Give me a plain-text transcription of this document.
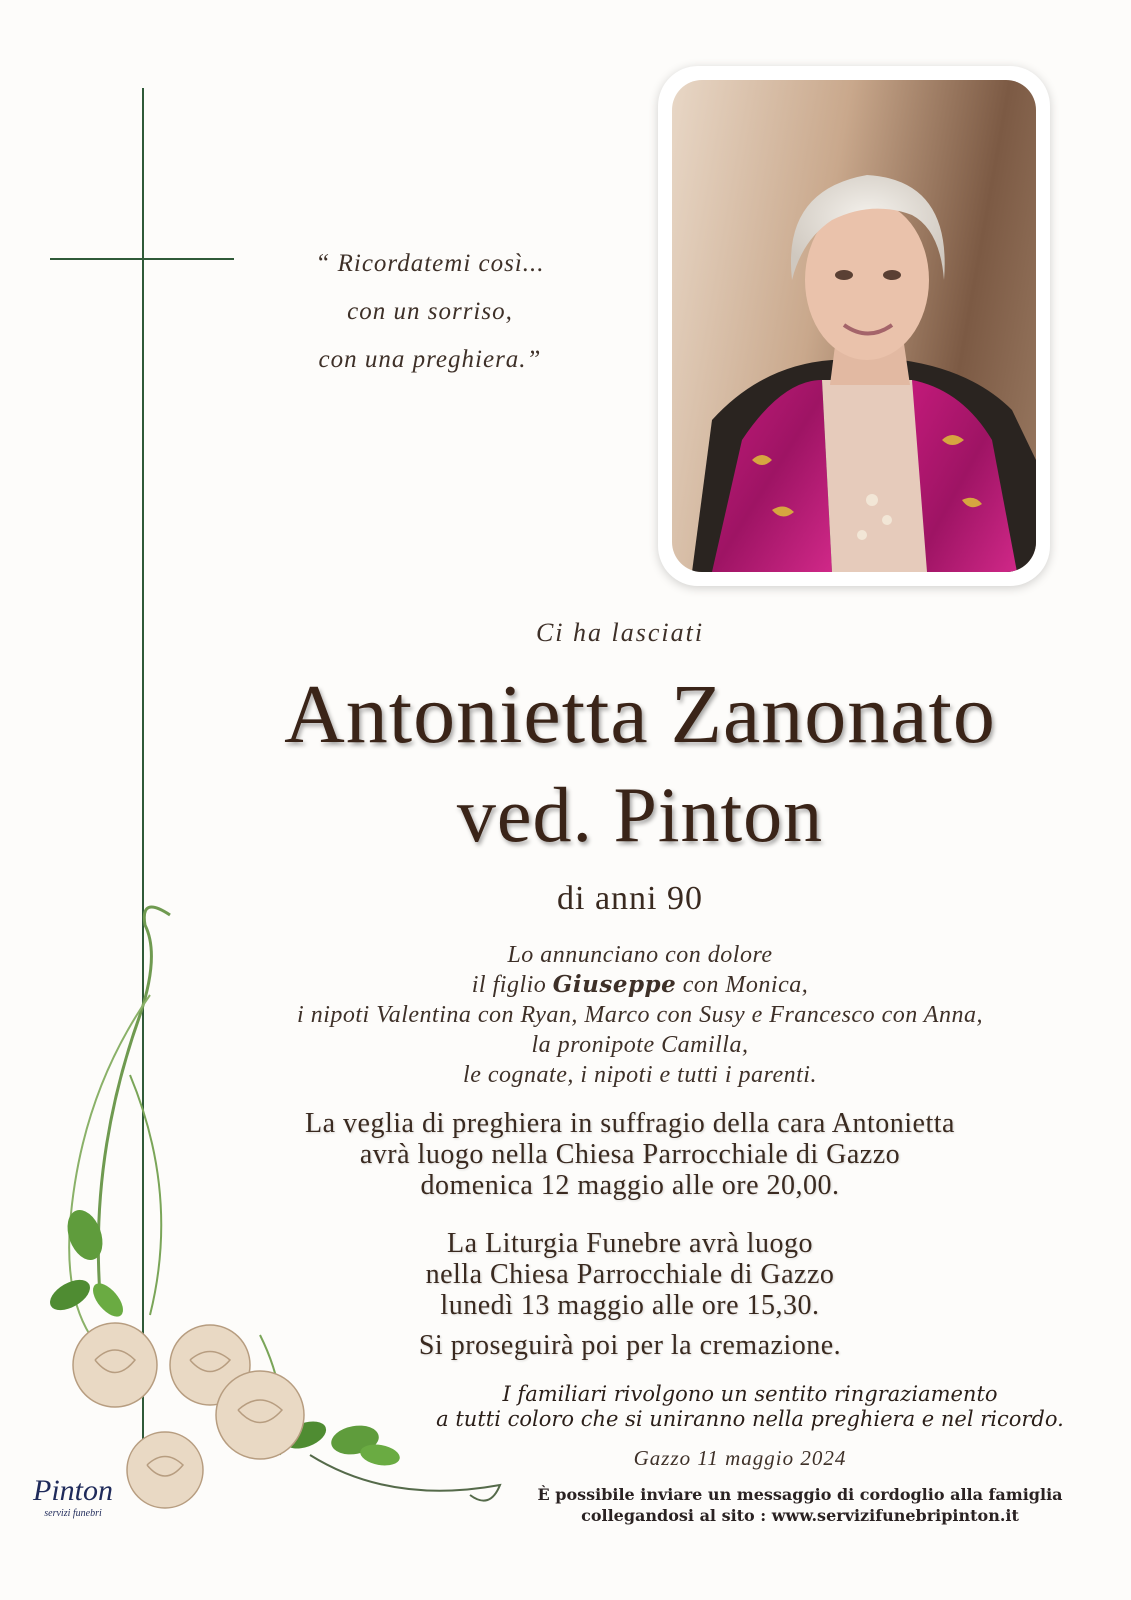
“ Ricordatemi così...
con un sorriso,
con una preghiera.”
Ci ha lasciati
Antonietta Zanonato
ved. Pinton
di anni 90
Lo annunciano con dolore
il figlio Giuseppe con Monica,
i nipoti Valentina con Ryan, Marco con Susy e Francesco con Anna,
la pronipote Camilla,
le cognate, i nipoti e tutti i parenti.
La veglia di preghiera in suffragio della cara Antonietta
avrà luogo nella Chiesa Parrocchiale di Gazzo
domenica 12 maggio alle ore 20,00.
La Liturgia Funebre avrà luogo
nella Chiesa Parrocchiale di Gazzo
lunedì 13 maggio alle ore 15,30.
Si proseguirà poi per la cremazione.
I familiari rivolgono un sentito ringraziamento
a tutti coloro che si uniranno nella preghiera e nel ricordo.
Gazzo 11 maggio 2024
È possibile inviare un messaggio di cordoglio alla famiglia
collegandosi al sito : www.servizifunebripinton.it
Pinton
servizi funebri
